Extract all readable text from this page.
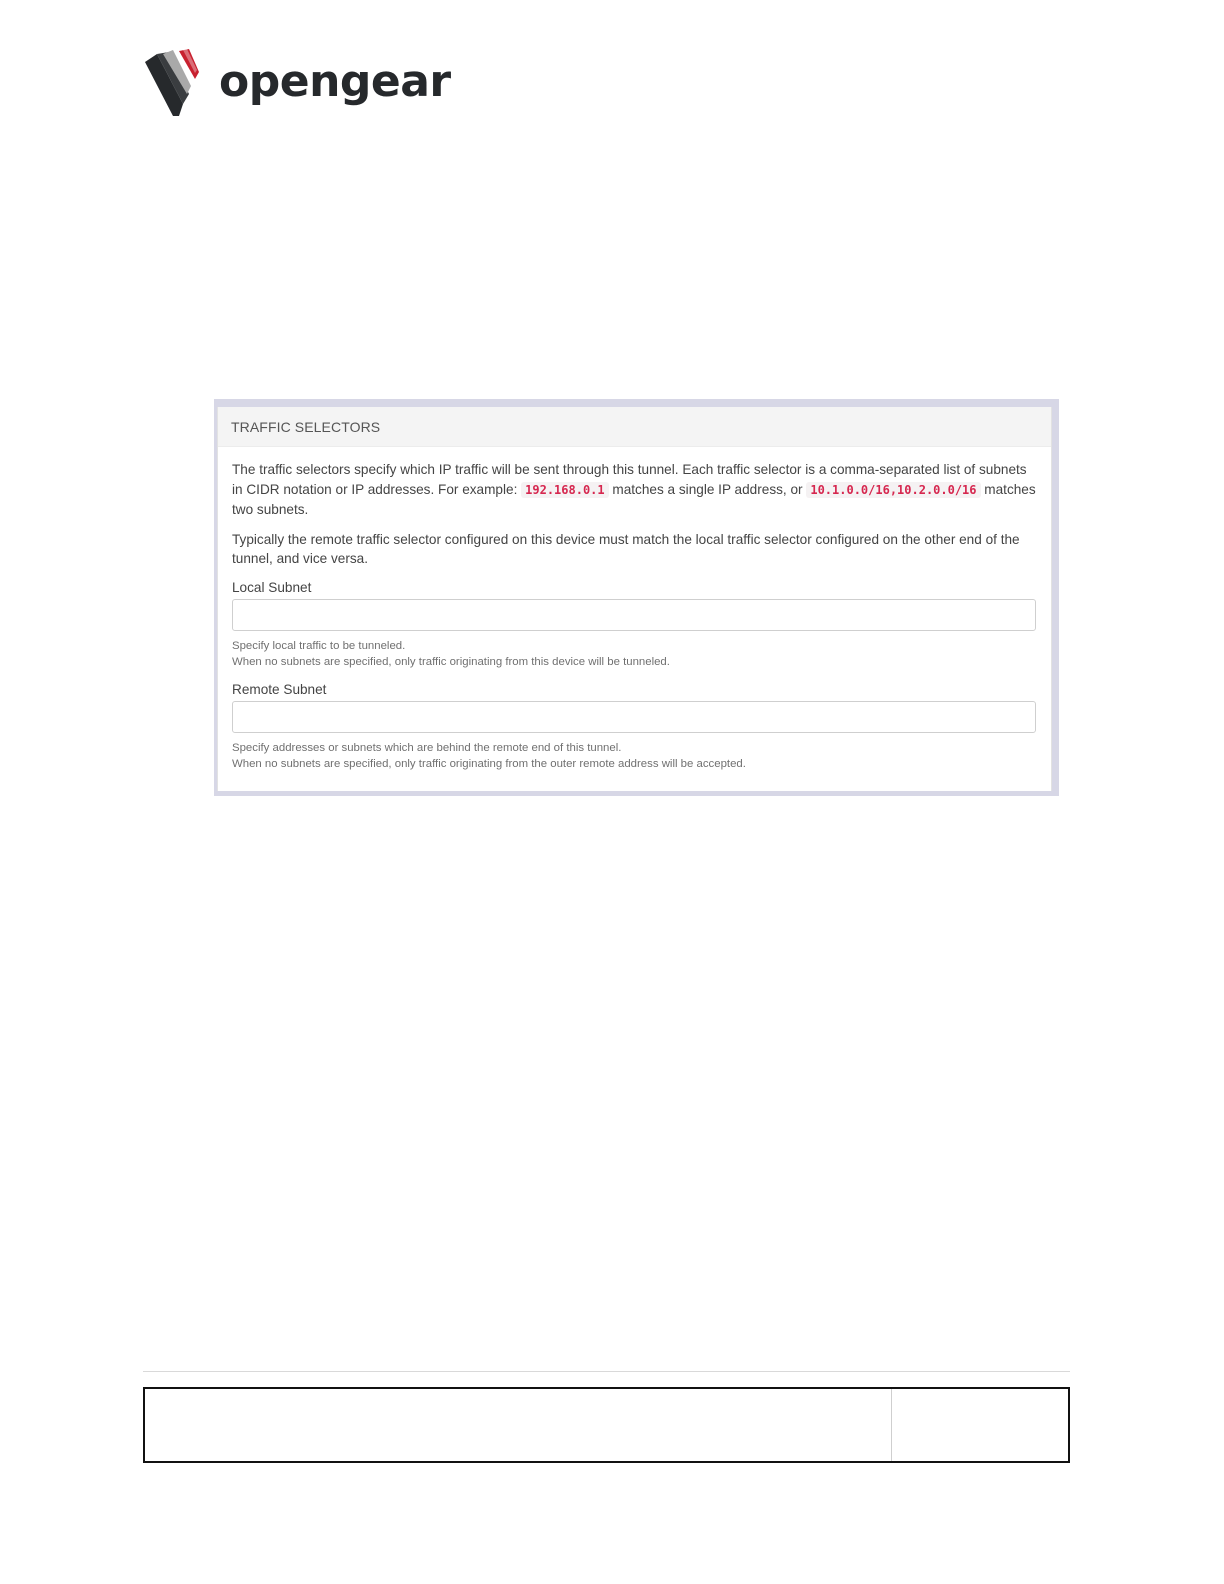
opengear
TRAFFIC SELECTORS

The traffic selectors specify which IP traffic will be sent through this tunnel. Each traffic selector is a comma-separated list of subnets in CIDR notation or IP addresses. For example: 192.168.0.1 matches a single IP address, or 10.1.0.0/16,10.2.0.0/16 matches two subnets.

Typically the remote traffic selector configured on this device must match the local traffic selector configured on the other end of the tunnel, and vice versa.

Local Subnet
Specify local traffic to be tunneled.
When no subnets are specified, only traffic originating from this device will be tunneled.
Remote Subnet
Specify addresses or subnets which are behind the remote end of this tunnel.
When no subnets are specified, only traffic originating from the outer remote address will be accepted.
